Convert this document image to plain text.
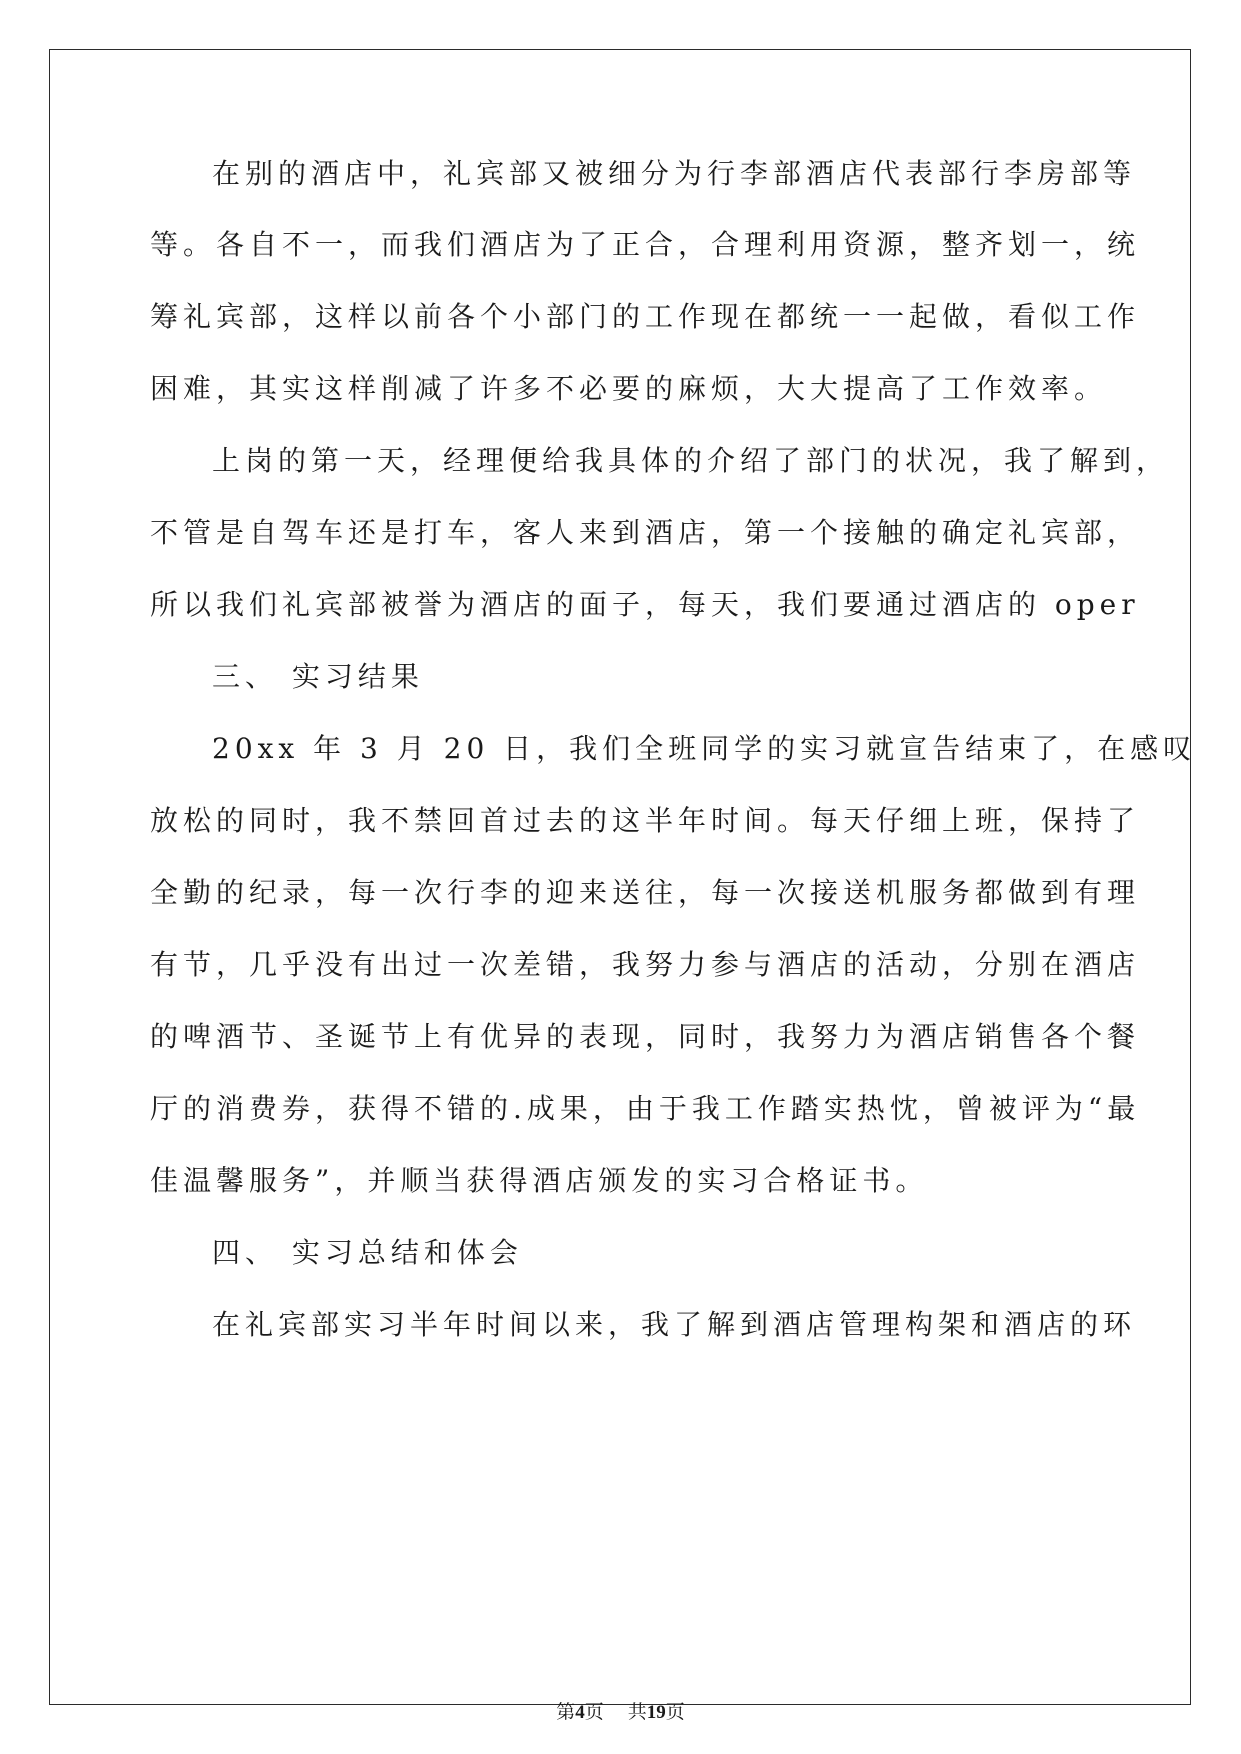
在别的酒店中，礼宾部又被细分为行李部酒店代表部行李房部等
等。各自不一，而我们酒店为了正合，合理利用资源，整齐划一，统
筹礼宾部，这样以前各个小部门的工作现在都统一一起做，看似工作
困难，其实这样削减了许多不必要的麻烦，大大提高了工作效率。
上岗的第一天，经理便给我具体的介绍了部门的状况，我了解到，
不管是自驾车还是打车，客人来到酒店，第一个接触的确定礼宾部，
所以我们礼宾部被誉为酒店的面子，每天，我们要通过酒店的 oper
三、 实习结果
20xx 年 3 月 20 日，我们全班同学的实习就宣告结束了，在感叹
放松的同时，我不禁回首过去的这半年时间。每天仔细上班，保持了
全勤的纪录，每一次行李的迎来送往，每一次接送机服务都做到有理
有节，几乎没有出过一次差错，我努力参与酒店的活动，分别在酒店
的啤酒节、圣诞节上有优异的表现，同时，我努力为酒店销售各个餐
厅的消费券，获得不错的.成果，由于我工作踏实热忱，曾被评为“最
佳温馨服务”，并顺当获得酒店颁发的实习合格证书。
四、 实习总结和体会
在礼宾部实习半年时间以来，我了解到酒店管理构架和酒店的环
第4页 共19页
